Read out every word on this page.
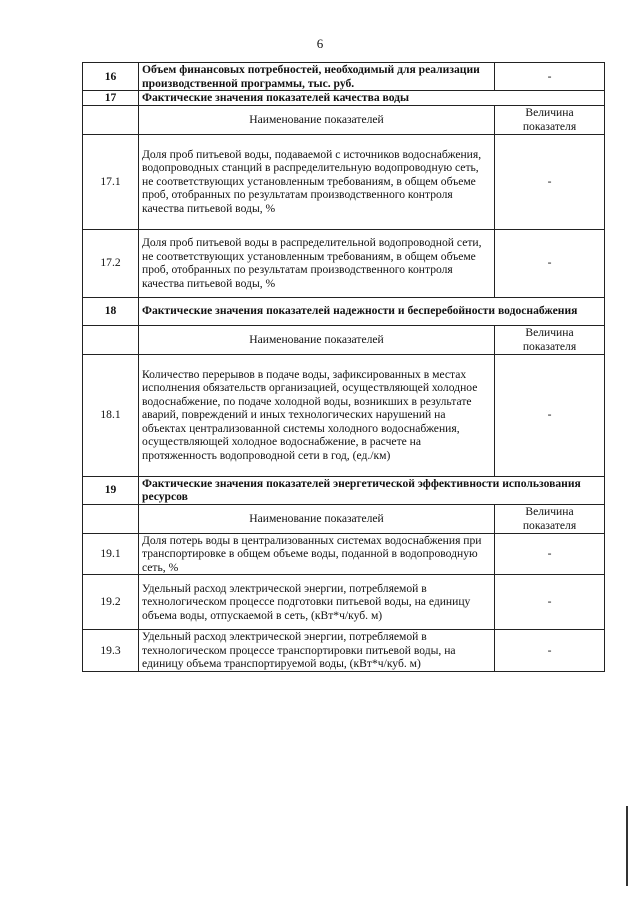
6
16	Объем финансовых потребностей, необходимый для реализации производственной программы, тыс. руб.	-
17	Фактические значения показателей качества воды	
	Наименование показателей	Величина показателя
17.1	Доля проб питьевой воды, подаваемой с источников водоснабжения, водопроводных станций в распределительную водопроводную сеть, не соответствующих установленным требованиям, в общем объеме проб, отобранных по результатам производственного контроля качества питьевой воды, %	-
17.2	Доля проб питьевой воды в распределительной водопроводной сети, не соответствующих установленным требованиям, в общем объеме проб, отобранных по результатам производственного контроля качества питьевой воды, %	-
18	Фактические значения показателей надежности и бесперебойности водоснабжения	
	Наименование показателей	Величина показателя
18.1	Количество перерывов в подаче воды, зафиксированных в местах исполнения обязательств организацией, осуществляющей холодное водоснабжение, по подаче холодной воды, возникших в результате аварий, повреждений и иных технологических нарушений на объектах централизованной системы холодного водоснабжения, осуществляющей холодное водоснабжение, в расчете на протяженность водопроводной сети в год, (ед./км)	-
19	Фактические значения показателей энергетической эффективности использования ресурсов	
	Наименование показателей	Величина показателя
19.1	Доля потерь воды в централизованных системах водоснабжения при транспортировке в общем объеме воды, поданной в водопроводную сеть, %	-
19.2	Удельный расход электрической энергии, потребляемой в технологическом процессе подготовки питьевой воды, на единицу объема воды, отпускаемой в сеть, (кВт*ч/куб. м)	-
19.3	Удельный расход электрической энергии, потребляемой в технологическом процессе транспортировки питьевой воды, на единицу объема транспортируемой воды, (кВт*ч/куб. м)	-
